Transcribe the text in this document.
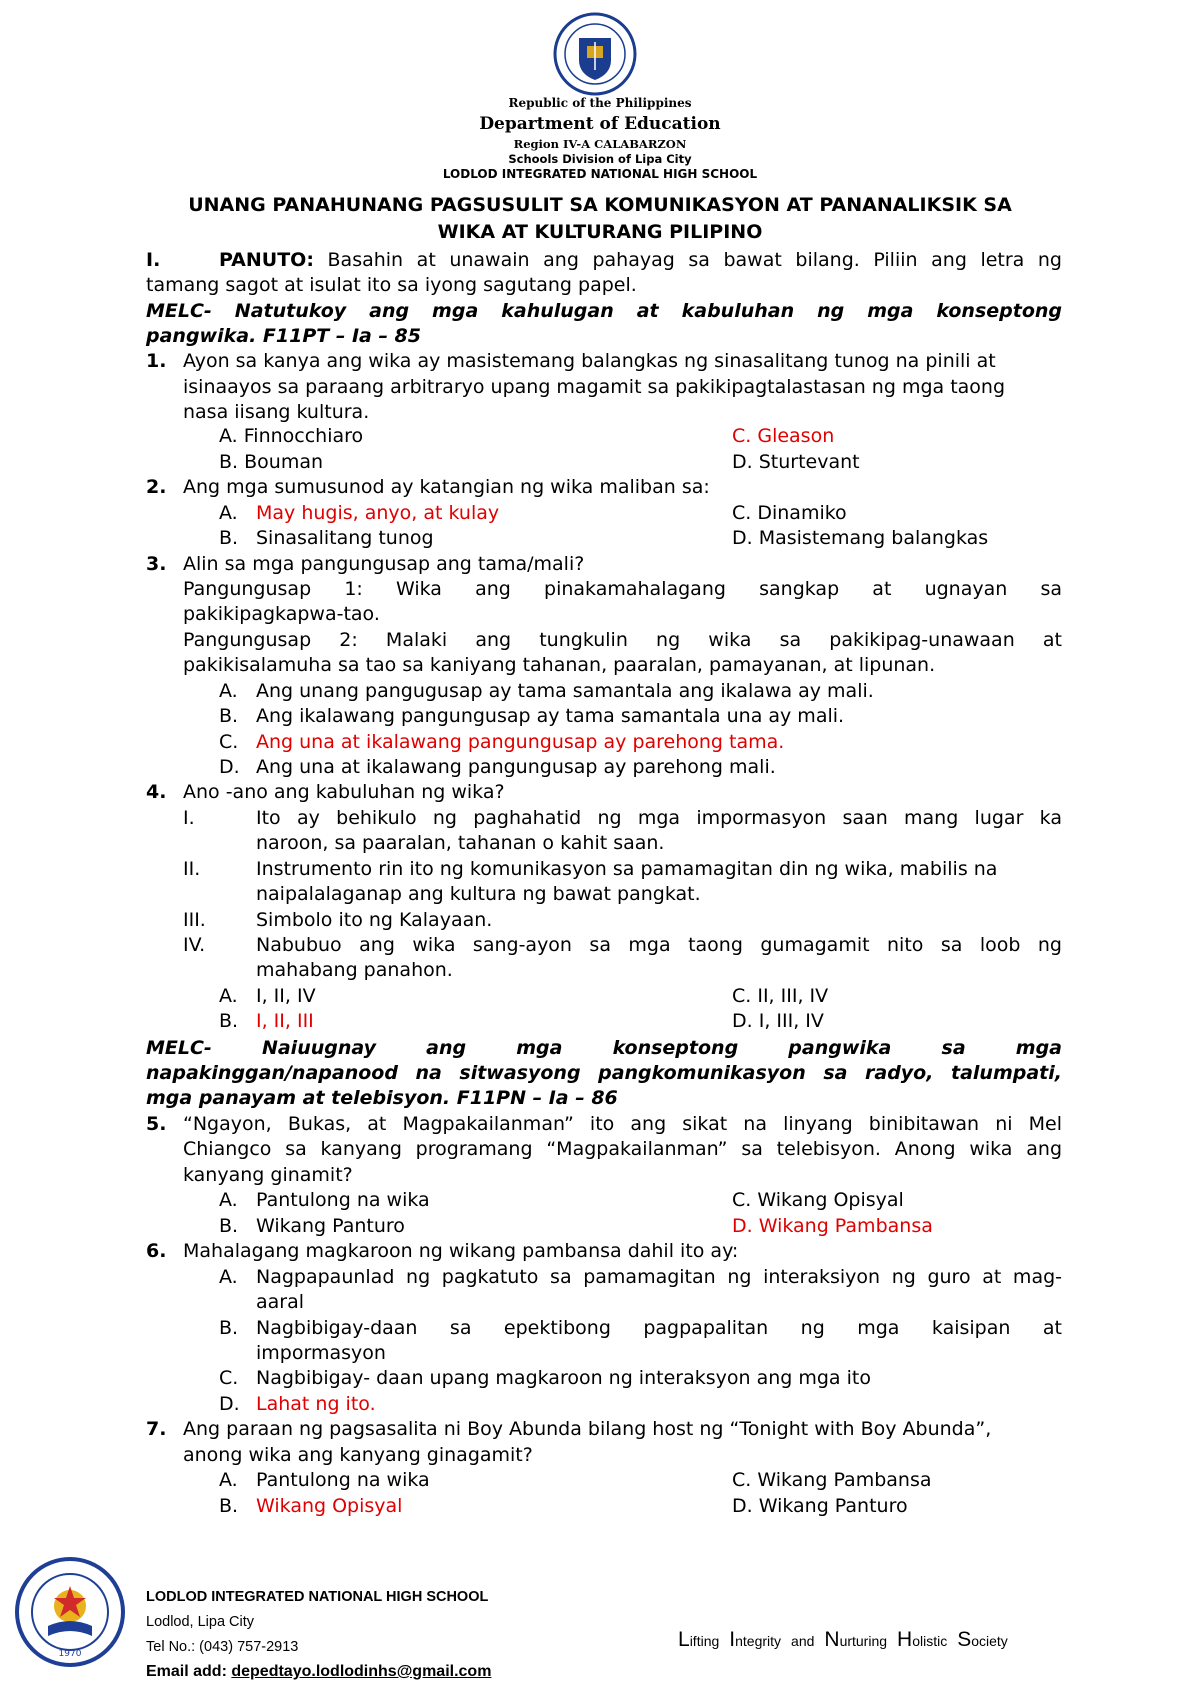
Republic of the Philippines
Department of Education
Region IV-A CALABARZON
Schools Division of Lipa City
LODLOD INTEGRATED NATIONAL HIGH SCHOOL
UNANG PANAHUNANG PAGSUSULIT SA KOMUNIKASYON AT PANANALIKSIK SA
WIKA AT KULTURANG PILIPINO
I.	PANUTO: Basahin at unawain ang pahayag sa bawat bilang. Piliin ang letra ng
tamang sagot at isulat ito sa iyong sagutang papel.
MELC- Natutukoy ang mga kahulugan at kabuluhan ng mga konseptong
pangwika. F11PT – Ia – 85
1. Ayon sa kanya ang wika ay masistemang balangkas ng sinasalitang tunog na pinili at
isinaayos sa paraang arbitraryo upang magamit sa pakikipagtalastasan ng mga taong
nasa iisang kultura.
A. Finnocchiaro	C. Gleason
B. Bouman	D. Sturtevant
2. Ang mga sumusunod ay katangian ng wika maliban sa:
A. May hugis, anyo, at kulay	C. Dinamiko
B. Sinasalitang tunog	D. Masistemang balangkas
3. Alin sa mga pangungusap ang tama/mali?
Pangungusap 1: Wika ang pinakamahalagang sangkap at ugnayan sa
pakikipagkapwa-tao.
Pangungusap 2: Malaki ang tungkulin ng wika sa pakikipag-unawaan at
pakikisalamuha sa tao sa kaniyang tahanan, paaralan, pamayanan, at lipunan.
A. Ang unang pangugusap ay tama samantala ang ikalawa ay mali.
B. Ang ikalawang pangungusap ay tama samantala una ay mali.
C. Ang una at ikalawang pangungusap ay parehong tama.
D. Ang una at ikalawang pangungusap ay parehong mali.
4. Ano -ano ang kabuluhan ng wika?
I.	Ito ay behikulo ng paghahatid ng mga impormasyon saan mang lugar ka
naroon, sa paaralan, tahanan o kahit saan.
II.	Instrumento rin ito ng komunikasyon sa pamamagitan din ng wika, mabilis na
naipalalaganap ang kultura ng bawat pangkat.
III.	Simbolo ito ng Kalayaan.
IV.	Nabubuo ang wika sang-ayon sa mga taong gumagamit nito sa loob ng
mahabang panahon.
A. I, II, IV	C. II, III, IV
B. I, II, III	D. I, III, IV
MELC- Naiuugnay ang mga konseptong pangwika sa mga
napakinggan/napanood na sitwasyong pangkomunikasyon sa radyo, talumpati,
mga panayam at telebisyon. F11PN – Ia – 86
5. “Ngayon, Bukas, at Magpakailanman” ito ang sikat na linyang binibitawan ni Mel
Chiangco sa kanyang programang “Magpakailanman” sa telebisyon. Anong wika ang
kanyang ginamit?
A. Pantulong na wika	C. Wikang Opisyal
B. Wikang Panturo	D. Wikang Pambansa
6. Mahalagang magkaroon ng wikang pambansa dahil ito ay:
A. Nagpapaunlad ng pagkatuto sa pamamagitan ng interaksiyon ng guro at mag-
aaral
B. Nagbibigay-daan sa epektibong pagpapalitan ng mga kaisipan at
impormasyon
C. Nagbibigay- daan upang magkaroon ng interaksyon ang mga ito
D. Lahat ng ito.
7. Ang paraan ng pagsasalita ni Boy Abunda bilang host ng “Tonight with Boy Abunda”,
anong wika ang kanyang ginagamit?
A. Pantulong na wika	C. Wikang Pambansa
B. Wikang Opisyal	D. Wikang Panturo
1970
LODLOD INTEGRATED NATIONAL HIGH SCHOOL
Lodlod, Lipa City
Tel No.: (043) 757-2913
Email add: depedtayo.lodlodinhs@gmail.com
Lifting Integrity and Nurturing Holistic Society
